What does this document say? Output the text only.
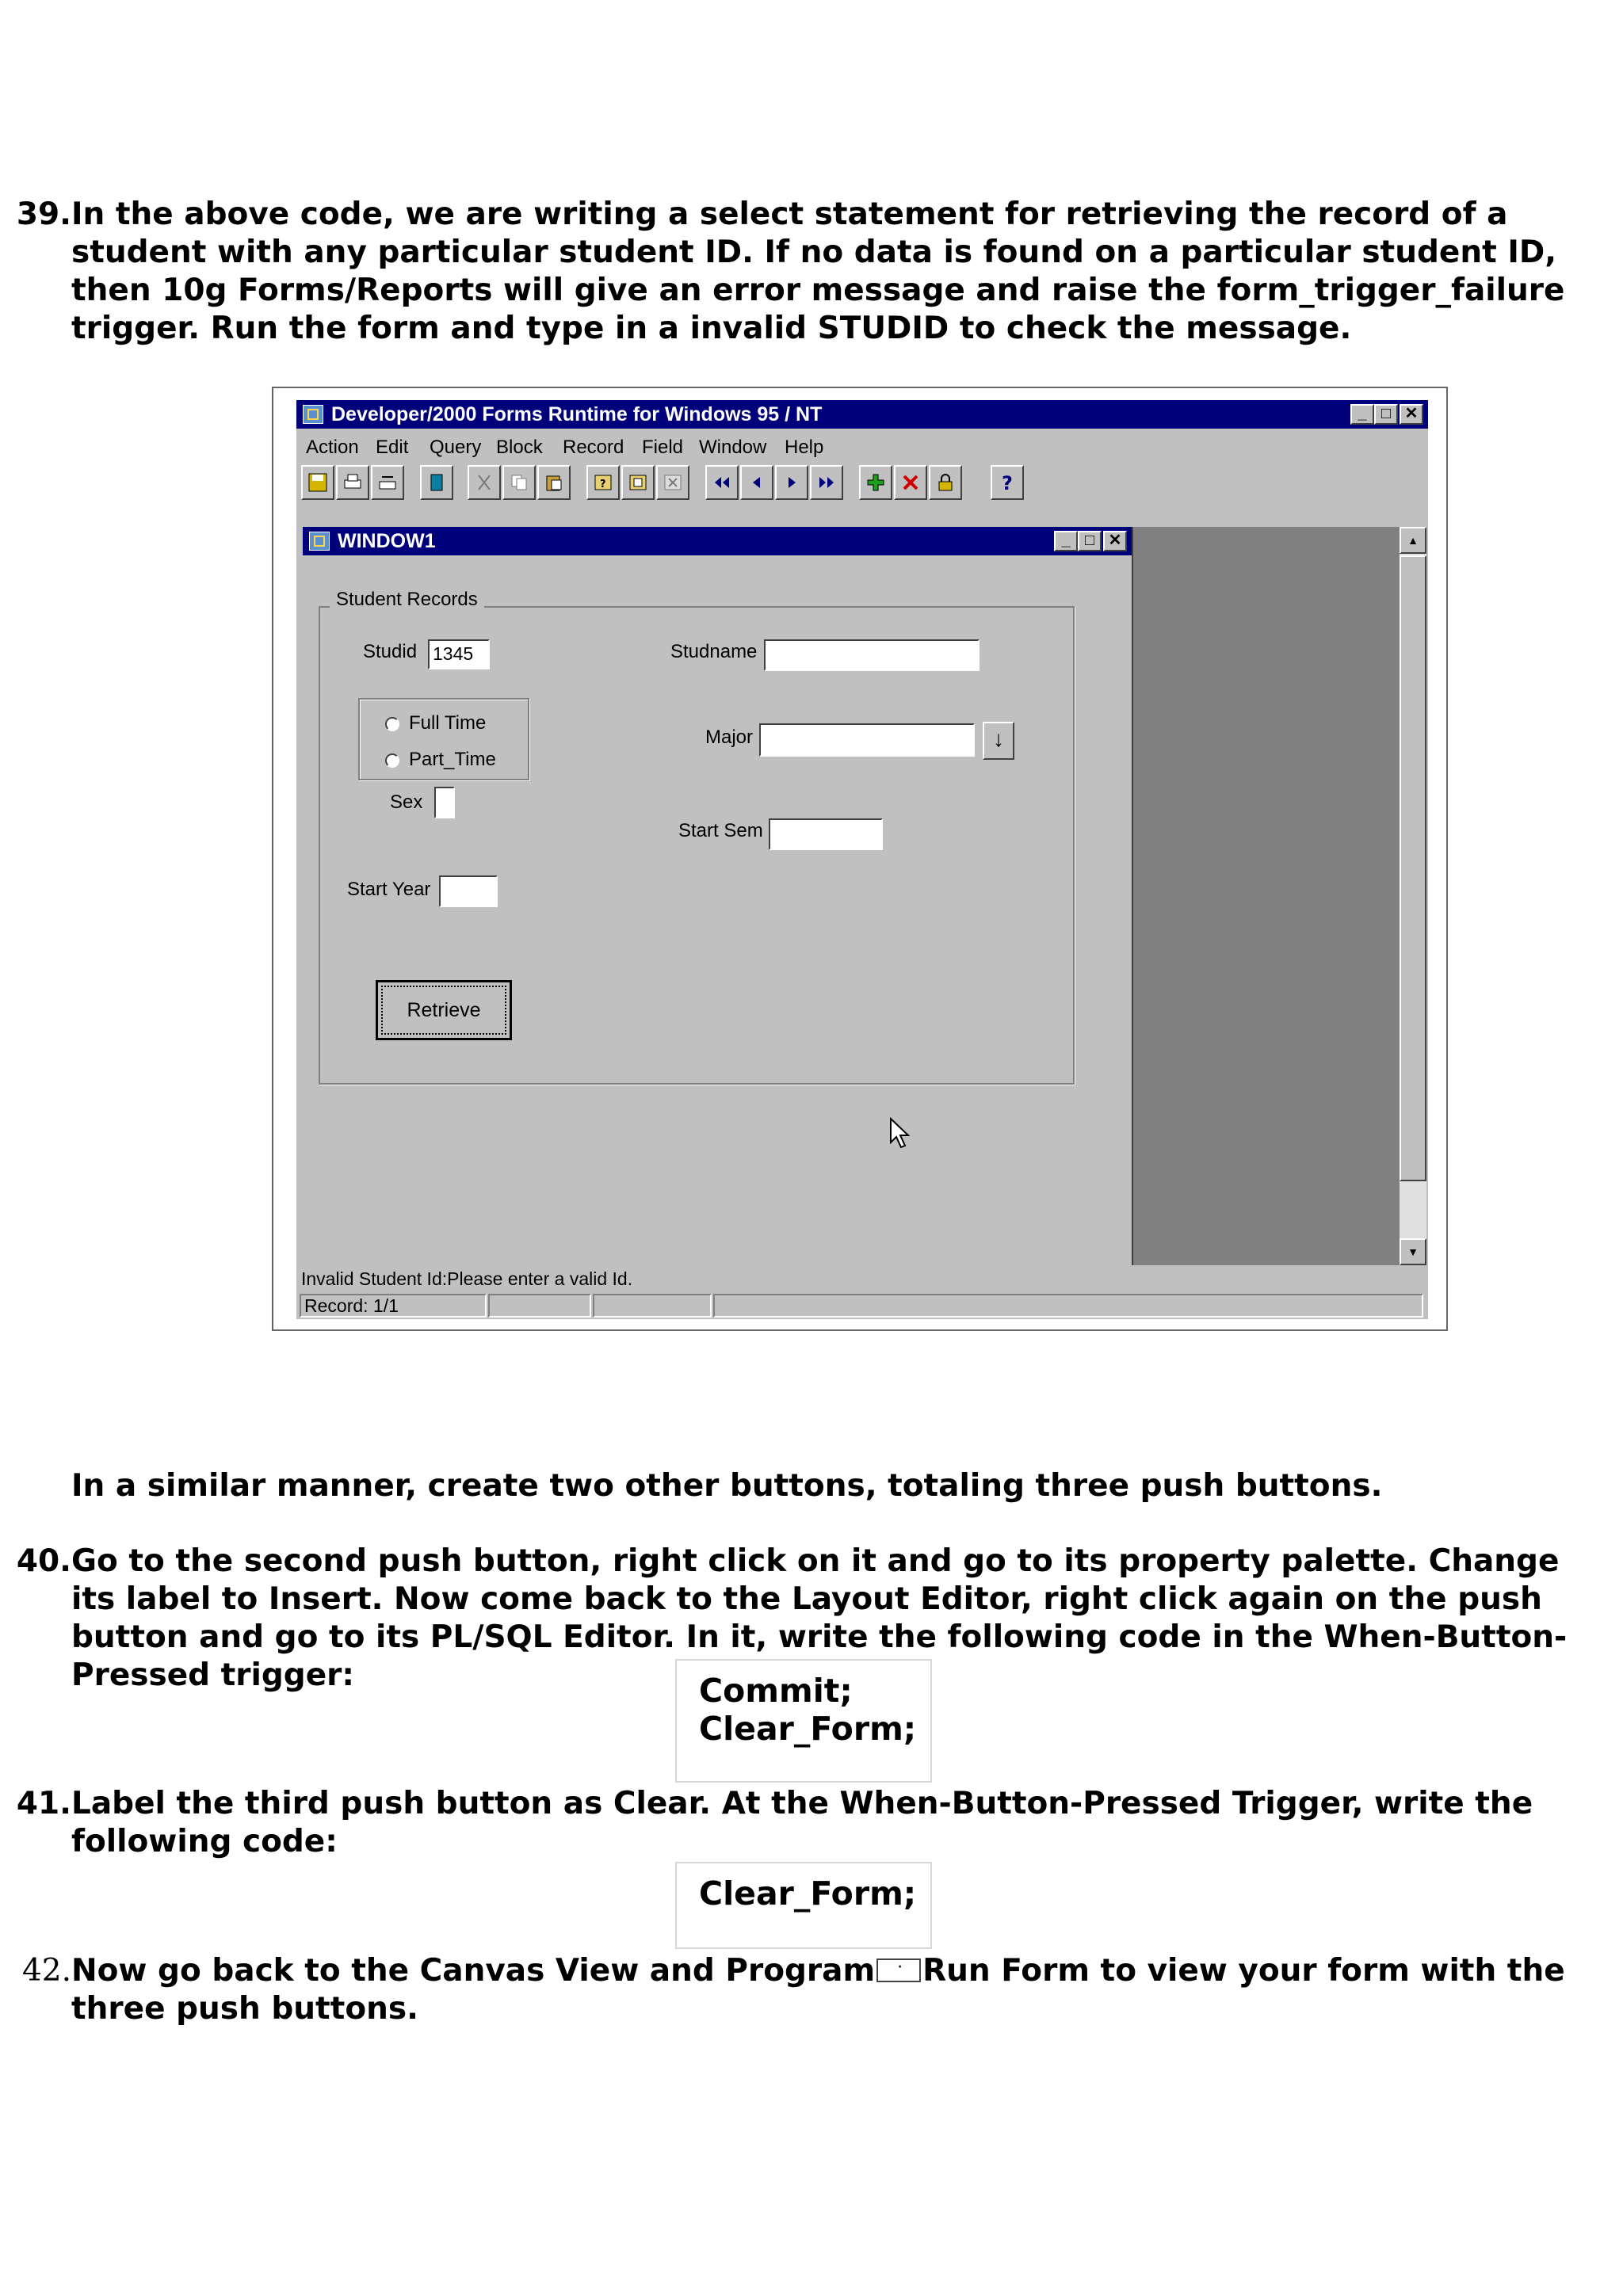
39. In the above code, we are writing a select statement for retrieving the record of a student with any particular student ID. If no data is found on a particular student ID, then 10g Forms/Reports will give an error message and raise the form_trigger_failure trigger. Run the form and type in a invalid STUDID to check the message.
Developer/2000 Forms Runtime for Windows 95 / NT	_ □ ✕
Action Edit Query Block Record Field Window Help
?	?
WINDOW1	_ □ ✕
Student Records
Studid 1345	Studname
Full Time
Part_Time
Major	↓
Sex
Start Sem
Start Year
Retrieve
▲
▼
Invalid Student Id:Please enter a valid Id.
Record: 1/1
In a similar manner, create two other buttons, totaling three push buttons.
40. Go to the second push button, right click on it and go to its property palette. Change its label to Insert. Now come back to the Layout Editor, right click again on the push button and go to its PL/SQL Editor. In it, write the following code in the When-Button-Pressed trigger:	Commit;
Clear_Form;
41. Label the third push button as Clear. At the When-Button-Pressed Trigger, write the following code:
Clear_Form;
42. Now go back to the Canvas View and Program· Run Form to view your form with the three push buttons.
